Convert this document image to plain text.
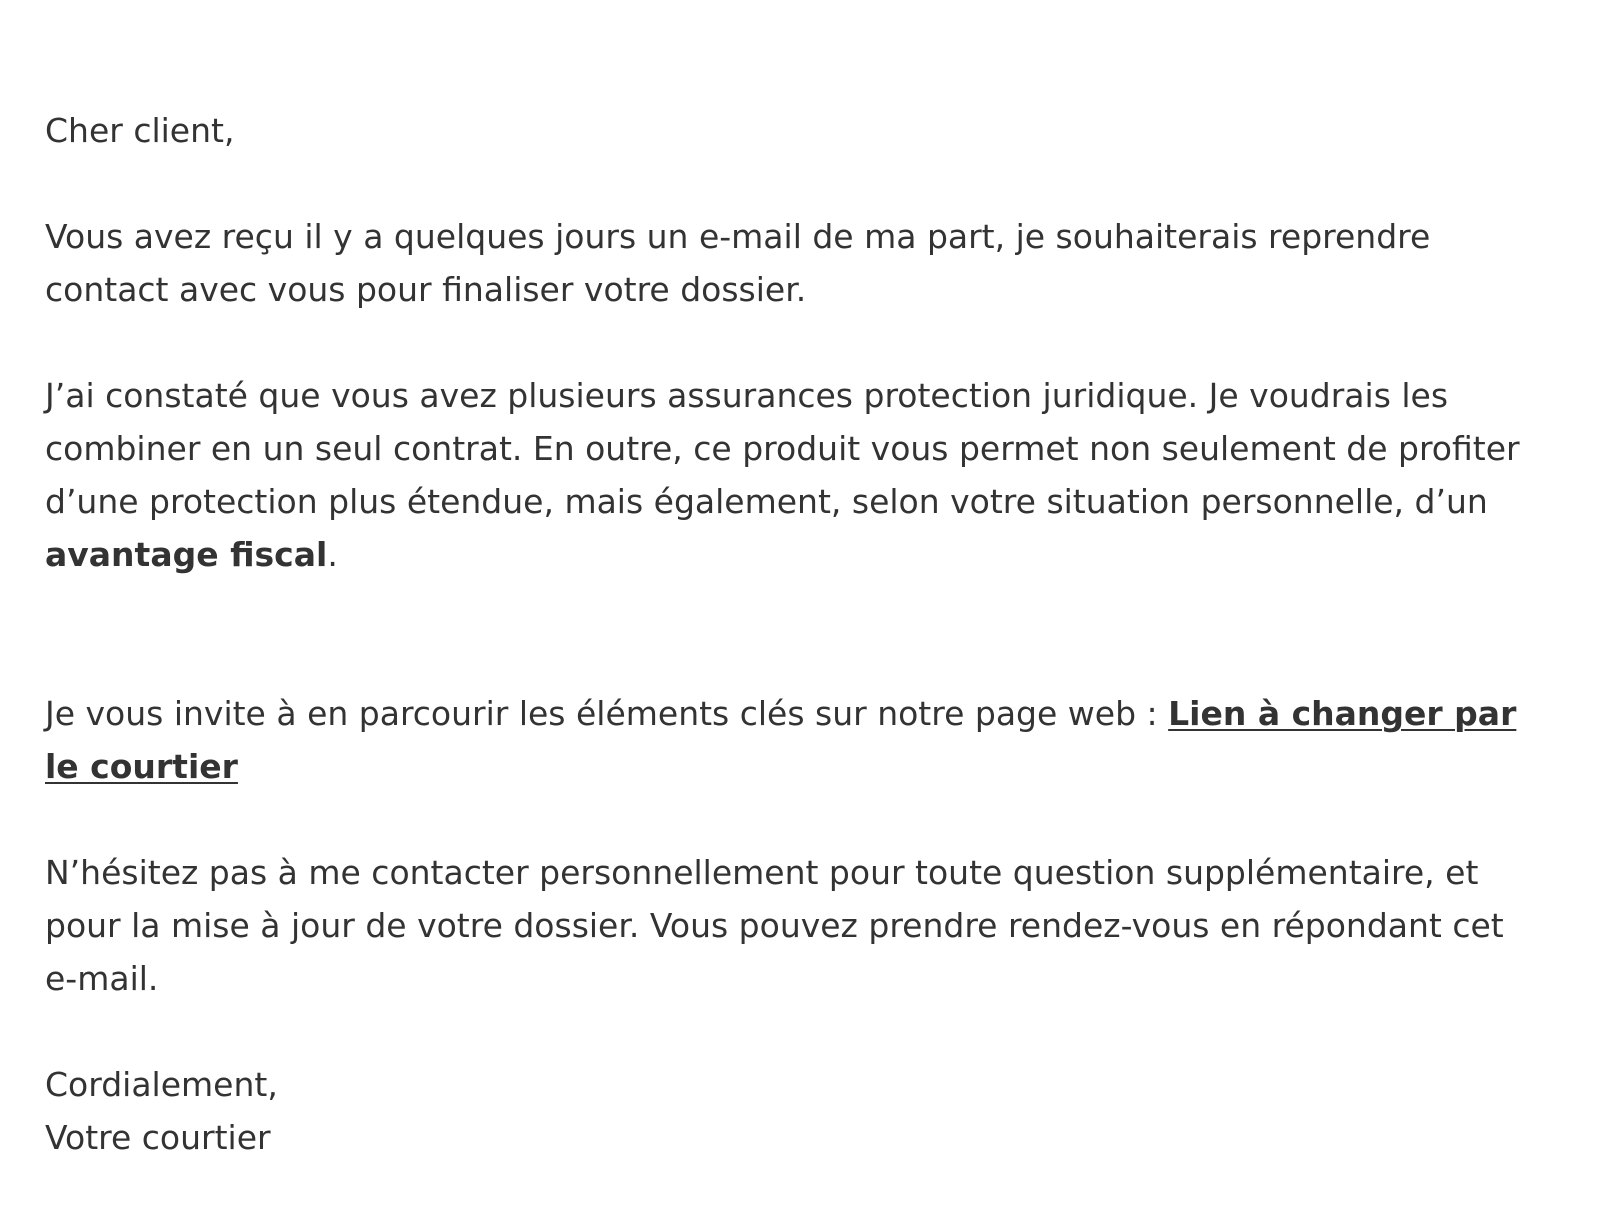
Cher client,

Vous avez reçu il y a quelques jours un e-mail de ma part, je souhaiterais reprendre contact avec vous pour finaliser votre dossier.

J’ai constaté que vous avez plusieurs assurances protection juridique. Je voudrais les combiner en un seul contrat. En outre, ce produit vous permet non seulement de profiter d’une protection plus étendue, mais également, selon votre situation personnelle, d’un avantage fiscal.

Je vous invite à en parcourir les éléments clés sur notre page web : Lien à changer par le courtier

N’hésitez pas à me contacter personnellement pour toute question supplémentaire, et pour la mise à jour de votre dossier. Vous pouvez prendre rendez-vous en répondant cet e-mail.

Cordialement,

Votre courtier
